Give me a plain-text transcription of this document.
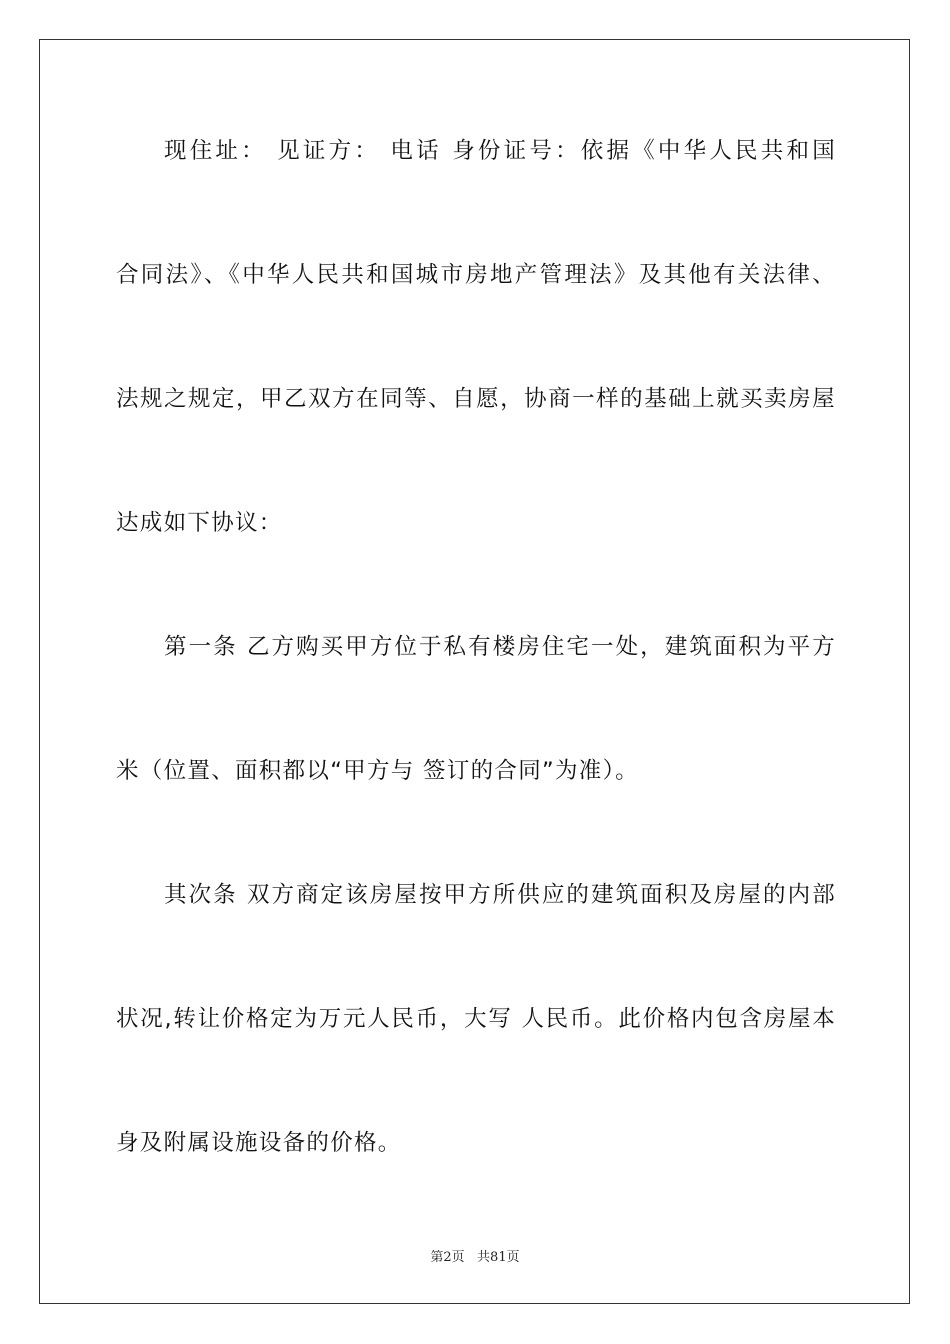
现住址： 见证方： 电话 身份证号：依据《中华人民共和国
合同法》、《中华人民共和国城市房地产管理法》及其他有关法律、
法规之规定，甲乙双方在同等、自愿，协商一样的基础上就买卖房屋
达成如下协议：
第一条 乙方购买甲方位于私有楼房住宅一处，建筑面积为平方
米（位置、面积都以“甲方与 签订的合同”为准）。
其次条 双方商定该房屋按甲方所供应的建筑面积及房屋的内部
状况,转让价格定为万元人民币，大写 人民币。此价格内包含房屋本
身及附属设施设备的价格。
第2页   共81页
